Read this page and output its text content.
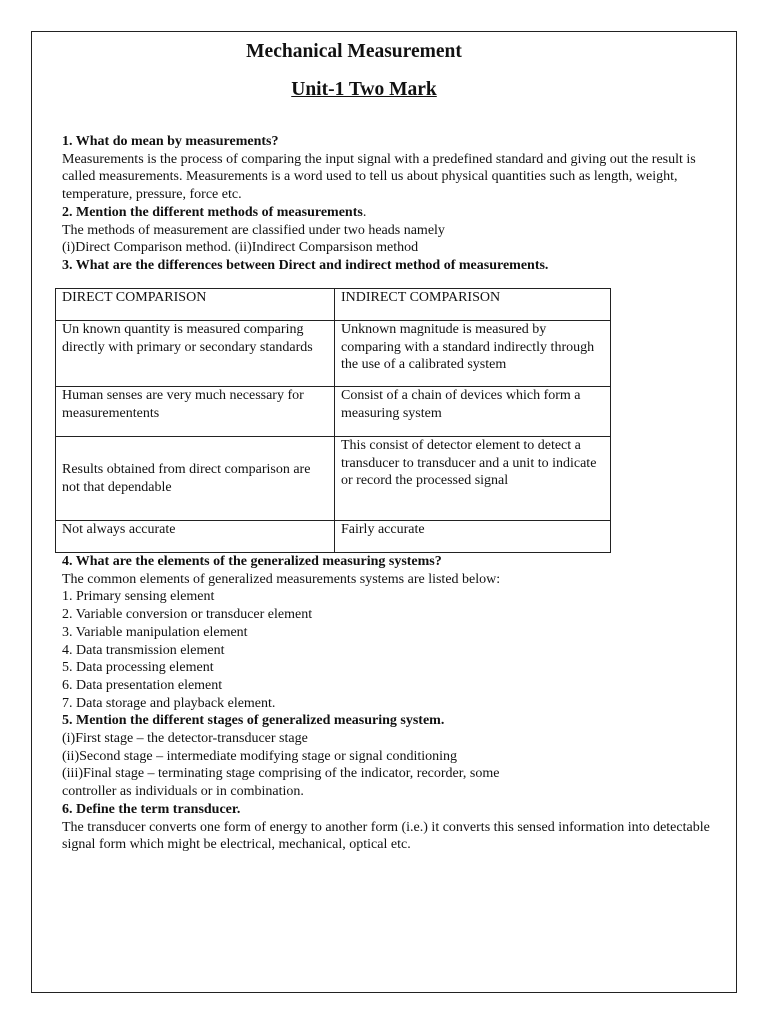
Mechanical Measurement
Unit-1 Two Mark

1. What do mean by measurements?

Measurements is the process of comparing the input signal with a predefined standard and giving out the result is called measurements. Measurements is a word used to tell us about physical quantities such as length, weight, temperature, pressure, force etc.

2. Mention the different methods of measurements.

The methods of measurement are classified under two heads namely

(i)Direct Comparison method. (ii)Indirect Comparsison method

3. What are the differences between Direct and indirect method of measurements.

DIRECT COMPARISON	INDIRECT COMPARISON
Un known quantity is measured comparing directly with primary or secondary standards	Unknown magnitude is measured by comparing with a standard indirectly through the use of a calibrated system
Human senses are very much necessary for measurementents	Consist of a chain of devices which form a measuring system
Results obtained from direct comparison are not that dependable	This consist of detector element to detect a transducer to transducer and a unit to indicate or record the processed signal
Not always accurate	Fairly accurate

4. What are the elements of the generalized measuring systems?

The common elements of generalized measurements systems are listed below:

1. Primary sensing element

2. Variable conversion or transducer element

3. Variable manipulation element

4. Data transmission element

5. Data processing element

6. Data presentation element

7. Data storage and playback element.

5. Mention the different stages of generalized measuring system.

(i)First stage – the detector-transducer stage

(ii)Second stage – intermediate modifying stage or signal conditioning

(iii)Final stage – terminating stage comprising of the indicator, recorder, some

controller as individuals or in combination.

6. Define the term transducer.

The transducer converts one form of energy to another form (i.e.) it converts this sensed information into detectable signal form which might be electrical, mechanical, optical etc.
